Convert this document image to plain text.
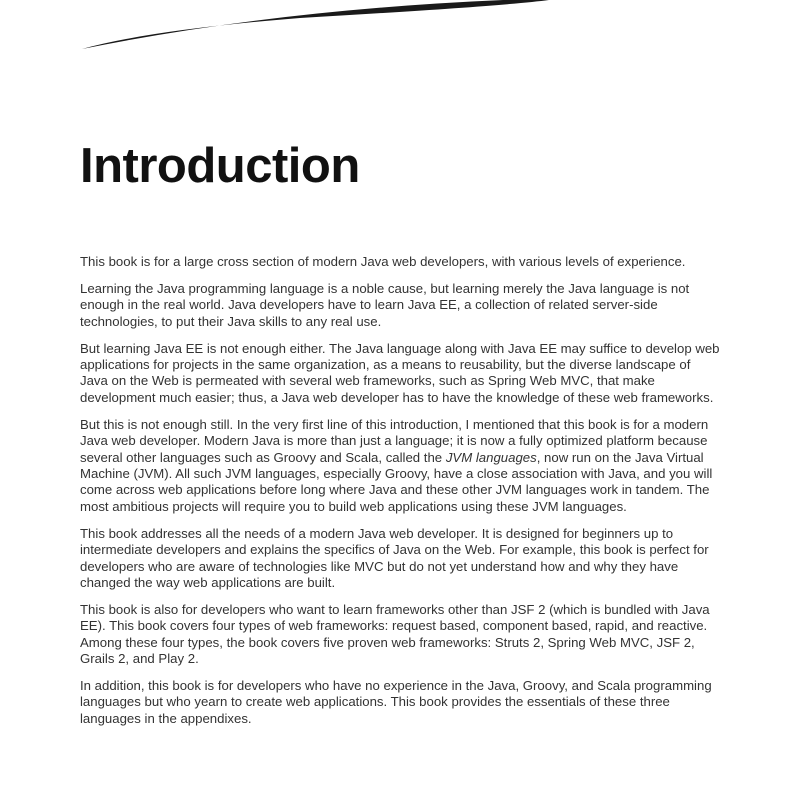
Introduction

This book is for a large cross section of modern Java web developers, with various levels of experience.

Learning the Java programming language is a noble cause, but learning merely the Java language is not enough in the real world. Java developers have to learn Java EE, a collection of related server-side technologies, to put their Java skills to any real use.

But learning Java EE is not enough either. The Java language along with Java EE may suffice to develop web applications for projects in the same organization, as a means to reusability, but the diverse landscape of Java on the Web is permeated with several web frameworks, such as Spring Web MVC, that make development much easier; thus, a Java web developer has to have the knowledge of these web frameworks.

But this is not enough still. In the very first line of this introduction, I mentioned that this book is for a modern Java web developer. Modern Java is more than just a language; it is now a fully optimized platform because several other languages such as Groovy and Scala, called the JVM languages, now run on the Java Virtual Machine (JVM). All such JVM languages, especially Groovy, have a close association with Java, and you will come across web applications before long where Java and these other JVM languages work in tandem. The most ambitious projects will require you to build web applications using these JVM languages.

This book addresses all the needs of a modern Java web developer. It is designed for beginners up to intermediate developers and explains the specifics of Java on the Web. For example, this book is perfect for developers who are aware of technologies like MVC but do not yet understand how and why they have changed the way web applications are built.

This book is also for developers who want to learn frameworks other than JSF 2 (which is bundled with Java EE). This book covers four types of web frameworks: request based, component based, rapid, and reactive. Among these four types, the book covers five proven web frameworks: Struts 2, Spring Web MVC, JSF 2, Grails 2, and Play 2.

In addition, this book is for developers who have no experience in the Java, Groovy, and Scala programming languages but who yearn to create web applications. This book provides the essentials of these three languages in the appendixes.
